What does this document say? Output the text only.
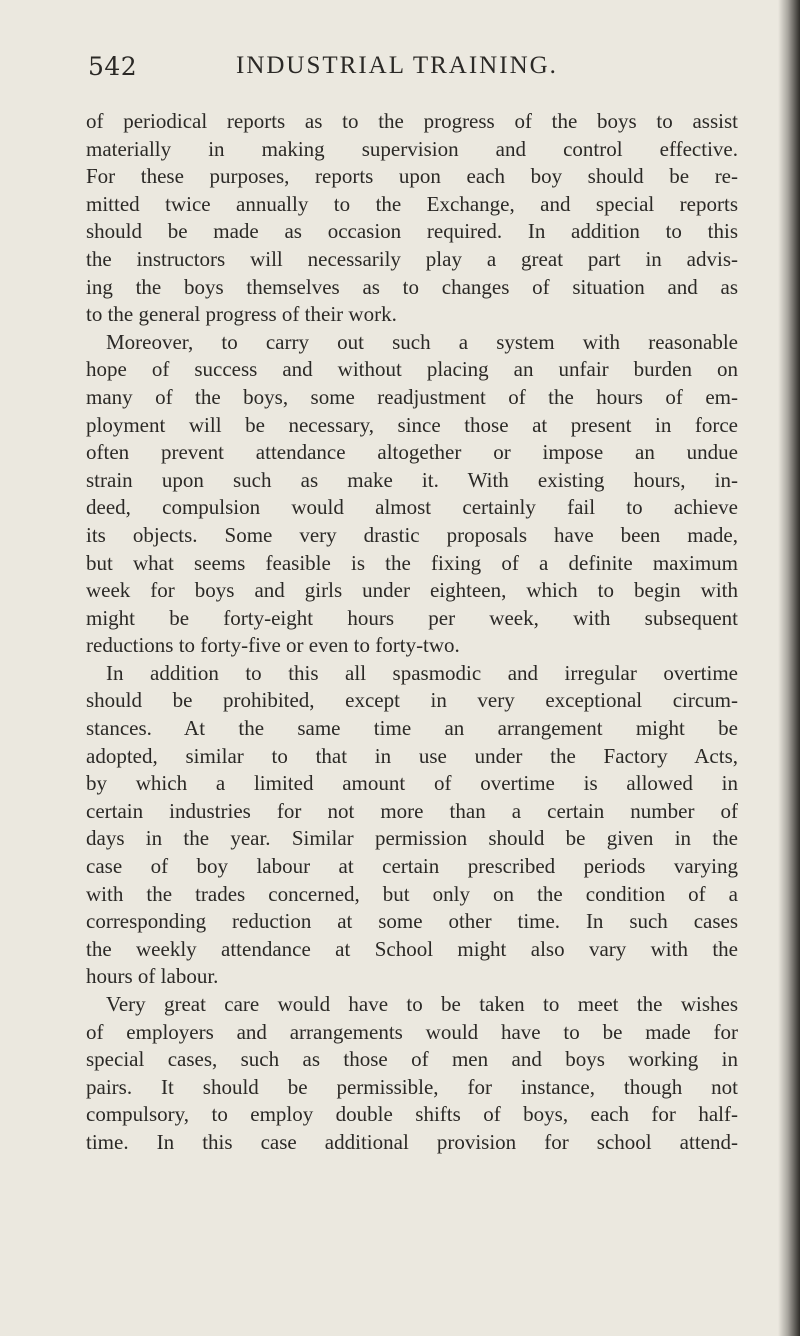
542	INDUSTRIAL TRAINING.
of periodical reports as to the progress of the boys to assist
materially in making supervision and control effective.
For these purposes, reports upon each boy should be re-
mitted twice annually to the Exchange, and special reports
should be made as occasion required. In addition to this
the instructors will necessarily play a great part in advis-
ing the boys themselves as to changes of situation and as
to the general progress of their work.
Moreover, to carry out such a system with reasonable
hope of success and without placing an unfair burden on
many of the boys, some readjustment of the hours of em-
ployment will be necessary, since those at present in force
often prevent attendance altogether or impose an undue
strain upon such as make it. With existing hours, in-
deed, compulsion would almost certainly fail to achieve
its objects. Some very drastic proposals have been made,
but what seems feasible is the fixing of a definite maximum
week for boys and girls under eighteen, which to begin with
might be forty-eight hours per week, with subsequent
reductions to forty-five or even to forty-two.
In addition to this all spasmodic and irregular overtime
should be prohibited, except in very exceptional circum-
stances. At the same time an arrangement might be
adopted, similar to that in use under the Factory Acts,
by which a limited amount of overtime is allowed in
certain industries for not more than a certain number of
days in the year. Similar permission should be given in the
case of boy labour at certain prescribed periods varying
with the trades concerned, but only on the condition of a
corresponding reduction at some other time. In such cases
the weekly attendance at School might also vary with the
hours of labour.
Very great care would have to be taken to meet the wishes
of employers and arrangements would have to be made for
special cases, such as those of men and boys working in
pairs. It should be permissible, for instance, though not
compulsory, to employ double shifts of boys, each for half-
time. In this case additional provision for school attend-
